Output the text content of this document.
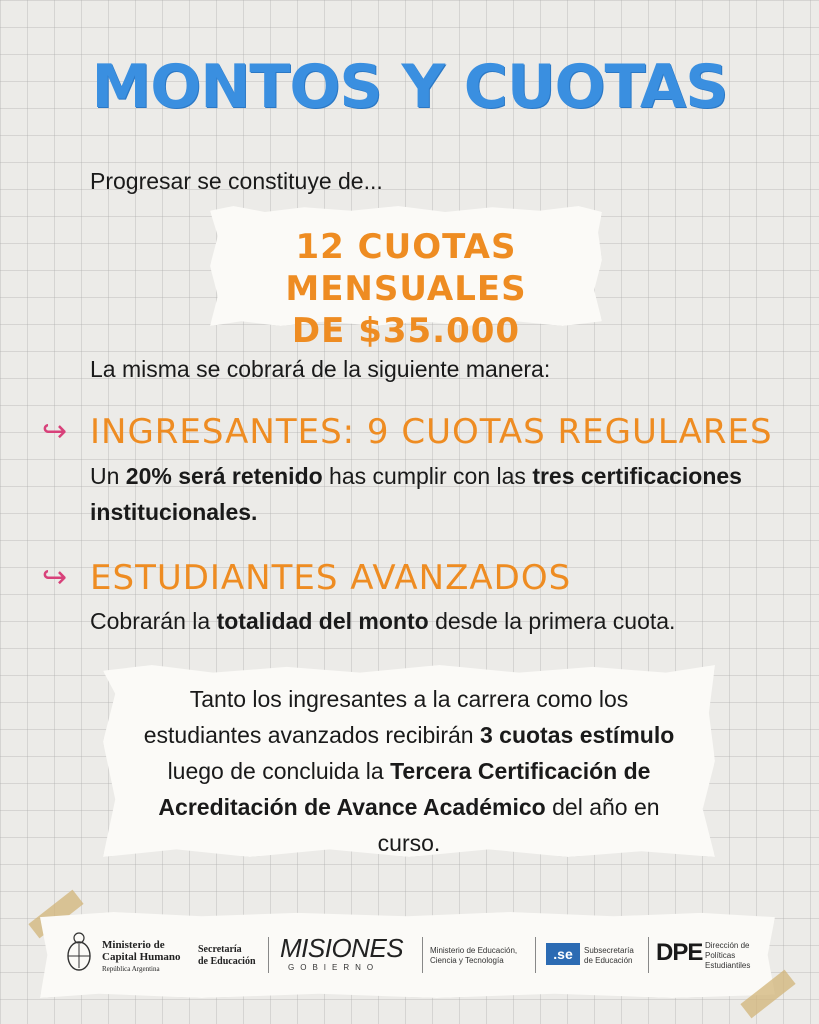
MONTOS Y CUOTAS
Progresar se constituye de...
12 CUOTAS MENSUALES
DE $35.000
La misma se cobrará de la siguiente manera:
↪ INGRESANTES: 9 CUOTAS REGULARES
Un 20% será retenido has cumplir con las tres certificaciones institucionales.
↪ ESTUDIANTES AVANZADOS
Cobrarán la totalidad del monto desde la primera cuota.
Tanto los ingresantes a la carrera como los estudiantes avanzados recibirán 3 cuotas estímulo luego de concluida la Tercera Certificación de Acreditación de Avance Académico del año en curso.
Ministerio de
Capital Humano
República Argentina
Secretaría
de Educación MISIONES
GOBIERNO
Ministerio de Educación,
Ciencia y Tecnología	.se	Subsecretaría
de Educación DPE Dirección de
Políticas
Estudiantiles
